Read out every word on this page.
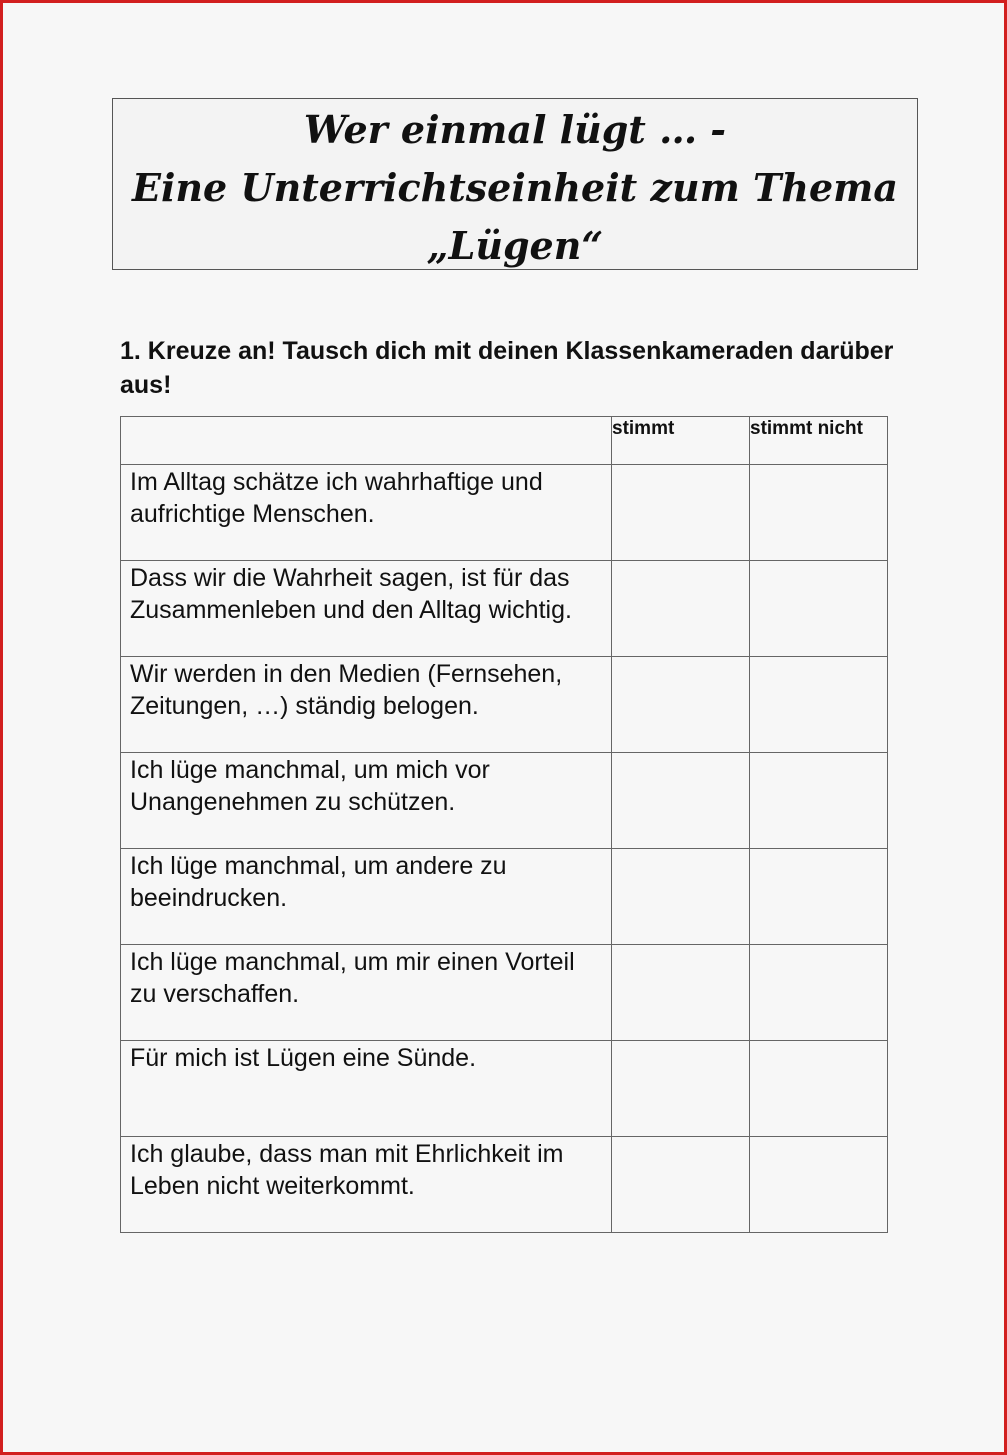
Wer einmal lügt … -
Eine Unterrichtseinheit zum Thema
„Lügen“
1. Kreuze an! Tausch dich mit deinen Klassenkameraden darüber aus!
	stimmt	stimmt nicht
Im Alltag schätze ich wahrhaftige und aufrichtige Menschen.		
Dass wir die Wahrheit sagen, ist für das Zusammenleben und den Alltag wichtig.		
Wir werden in den Medien (Fernsehen, Zeitungen, …) ständig belogen.		
Ich lüge manchmal, um mich vor Unangenehmen zu schützen.		
Ich lüge manchmal, um andere zu beeindrucken.		
Ich lüge manchmal, um mir einen Vorteil zu verschaffen.		
Für mich ist Lügen eine Sünde.		
Ich glaube, dass man mit Ehrlichkeit im Leben nicht weiterkommt.		
